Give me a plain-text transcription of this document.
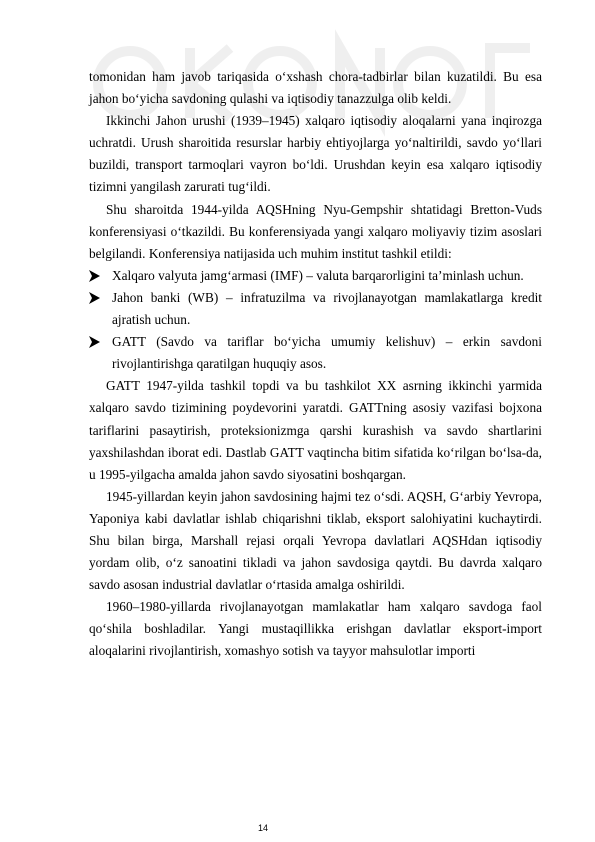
tomonidan ham javob tariqasida o‘xshash chora-tadbirlar bilan kuzatildi. Bu esa jahon bo‘yicha savdoning qulashi va iqtisodiy tanazzulga olib keldi.

Ikkinchi Jahon urushi (1939–1945) xalqaro iqtisodiy aloqalarni yana inqirozga uchratdi. Urush sharoitida resurslar harbiy ehtiyojlarga yo‘naltirildi, savdo yo‘llari buzildi, transport tarmoqlari vayron bo‘ldi. Urushdan keyin esa xalqaro iqtisodiy tizimni yangilash zarurati tug‘ildi.

Shu sharoitda 1944-yilda AQSHning Nyu-Gempshir shtatidagi Bretton-Vuds konferensiyasi o‘tkazildi. Bu konferensiyada yangi xalqaro moliyaviy tizim asoslari belgilandi. Konferensiya natijasida uch muhim institut tashkil etildi:

Xalqaro valyuta jamg‘armasi (IMF) – valuta barqarorligini ta’minlash uchun.
Jahon banki (WB) – infratuzilma va rivojlanayotgan mamlakatlarga kredit ajratish uchun.
GATT (Savdo va tariflar bo‘yicha umumiy kelishuv) – erkin savdoni rivojlantirishga qaratilgan huquqiy asos.

GATT 1947-yilda tashkil topdi va bu tashkilot XX asrning ikkinchi yarmida xalqaro savdo tizimining poydevorini yaratdi. GATTning asosiy vazifasi bojxona tariflarini pasaytirish, proteksionizmga qarshi kurashish va savdo shartlarini yaxshilashdan iborat edi. Dastlab GATT vaqtincha bitim sifatida ko‘rilgan bo‘lsa-da, u 1995-yilgacha amalda jahon savdo siyosatini boshqargan.

1945-yillardan keyin jahon savdosining hajmi tez o‘sdi. AQSH, G‘arbiy Yevropa, Yaponiya kabi davlatlar ishlab chiqarishni tiklab, eksport salohiyatini kuchaytirdi. Shu bilan birga, Marshall rejasi orqali Yevropa davlatlari AQSHdan iqtisodiy yordam olib, o‘z sanoatini tikladi va jahon savdosiga qaytdi. Bu davrda xalqaro savdo asosan industrial davlatlar o‘rtasida amalga oshirildi.

1960–1980-yillarda rivojlanayotgan mamlakatlar ham xalqaro savdoga faol qo‘shila boshladilar. Yangi mustaqillikka erishgan davlatlar eksport-import aloqalarini rivojlantirish, xomashyo sotish va tayyor mahsulotlar importi

14
